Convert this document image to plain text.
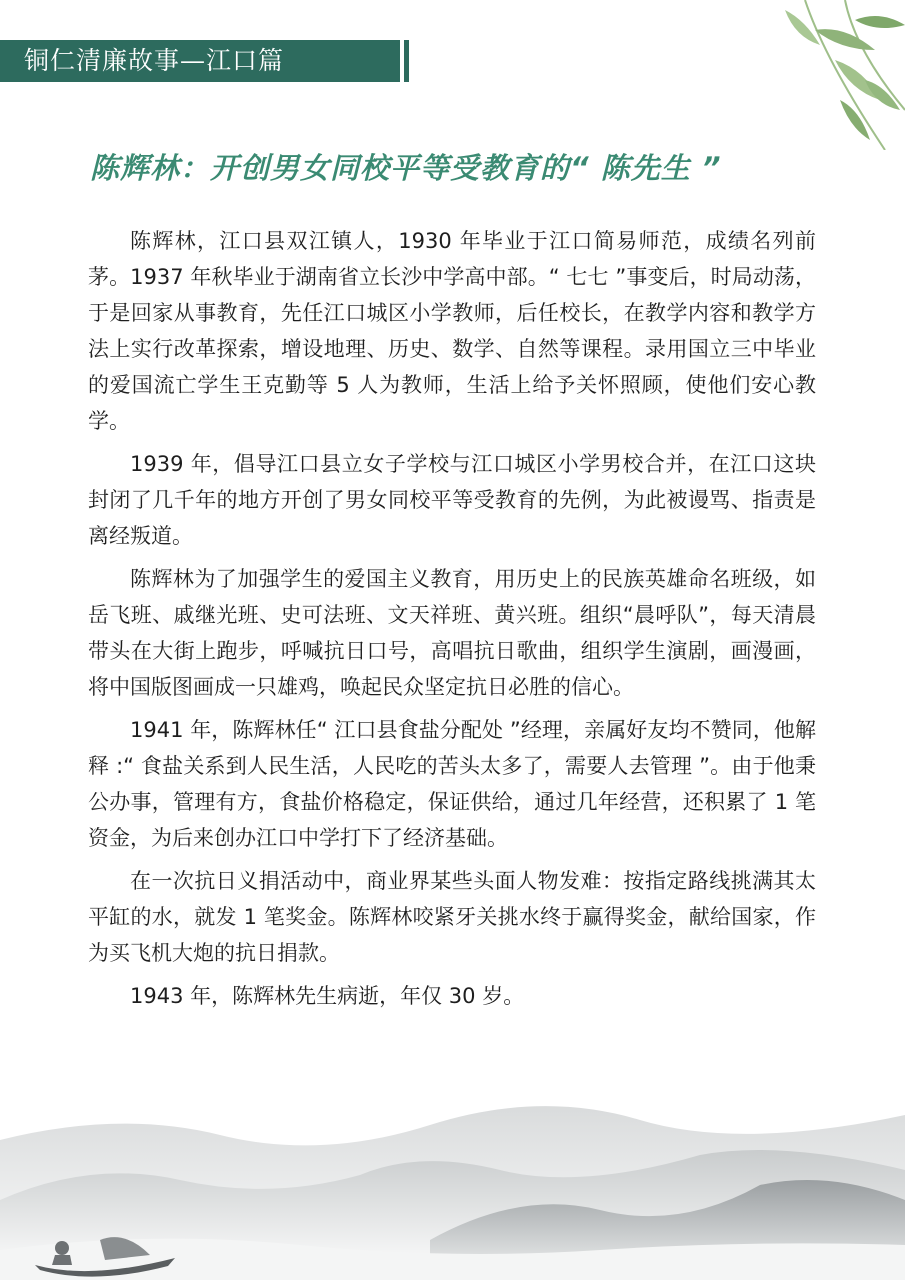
铜仁清廉故事—江口篇
陈辉林：开创男女同校平等受教育的“ 陈先生 ”

陈辉林，江口县双江镇人，1930 年毕业于江口简易师范，成绩名列前茅。1937 年秋毕业于湖南省立长沙中学高中部。“ 七七 ”事变后，时局动荡，于是回家从事教育，先任江口城区小学教师，后任校长，在教学内容和教学方法上实行改革探索，增设地理、历史、数学、自然等课程。录用国立三中毕业的爱国流亡学生王克勤等 5 人为教师，生活上给予关怀照顾，使他们安心教学。

1939 年，倡导江口县立女子学校与江口城区小学男校合并，在江口这块封闭了几千年的地方开创了男女同校平等受教育的先例，为此被谩骂、指责是离经叛道。

陈辉林为了加强学生的爱国主义教育，用历史上的民族英雄命名班级，如岳飞班、戚继光班、史可法班、文天祥班、黄兴班。组织“晨呼队”，每天清晨带头在大街上跑步，呼喊抗日口号，高唱抗日歌曲，组织学生演剧，画漫画，将中国版图画成一只雄鸡，唤起民众坚定抗日必胜的信心。

1941 年，陈辉林任“ 江口县食盐分配处 ”经理，亲属好友均不赞同，他解释 :“ 食盐关系到人民生活，人民吃的苦头太多了，需要人去管理 ”。由于他秉公办事，管理有方，食盐价格稳定，保证供给，通过几年经营，还积累了 1 笔资金，为后来创办江口中学打下了经济基础。

在一次抗日义捐活动中，商业界某些头面人物发难：按指定路线挑满其太平缸的水，就发 1 笔奖金。陈辉林咬紧牙关挑水终于赢得奖金，献给国家，作为买飞机大炮的抗日捐款。

1943 年，陈辉林先生病逝，年仅 30 岁。
